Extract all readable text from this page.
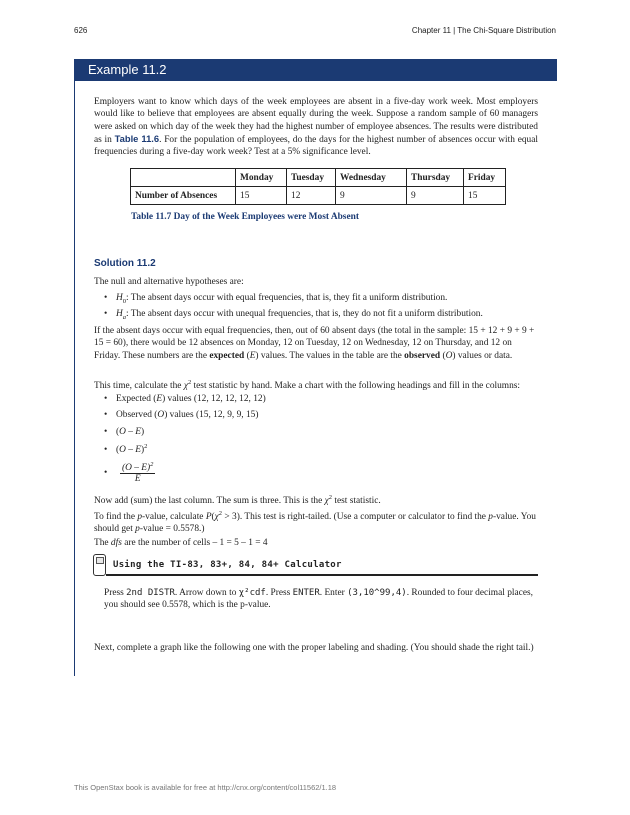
626	Chapter 11 | The Chi-Square Distribution
Example 11.2

Employers want to know which days of the week employees are absent in a five-day work week. Most employers would like to believe that employees are absent equally during the week. Suppose a random sample of 60 managers were asked on which day of the week they had the highest number of employee absences. The results were distributed as in Table 11.6. For the population of employees, do the days for the highest number of absences occur with equal frequencies during a five-day work week? Test at a 5% significance level.

	Monday	Tuesday	Wednesday	Thursday	Friday
Number of Absences	15	12	9	9	15
Table 11.7 Day of the Week Employees were Most Absent
Solution 11.2

The null and alternative hypotheses are:

• $H_0$: The absent days occur with equal frequencies, that is, they fit a uniform distribution.
• $H_a$: The absent days occur with unequal frequencies, that is, they do not fit a uniform distribution.

If the absent days occur with equal frequencies, then, out of 60 absent days (the total in the sample: 15 + 12 + 9 + 9 + 15 = 60), there would be 12 absences on Monday, 12 on Tuesday, 12 on Wednesday, 12 on Thursday, and 12 on Friday. These numbers are the expected (E) values. The values in the table are the observed (O) values or data.

This time, calculate the $\chi^2$ test statistic by hand. Make a chart with the following headings and fill in the columns:

• Expected (E) values (12, 12, 12, 12, 12)
• Observed (O) values (15, 12, 9, 9, 15)
• (O – E)
• (O – E)$^2$
• $\frac{(O - E)^2}{E}$

Now add (sum) the last column. The sum is three. This is the $\chi^2$ test statistic.

To find the p-value, calculate $P(\chi^2 > 3)$. This test is right-tailed. (Use a computer or calculator to find the p-value. You should get p-value = 0.5578.)

The dfs are the number of cells – 1 = 5 – 1 = 4

Using the TI-83, 83+, 84, 84+ Calculator

Press 2nd DISTR. Arrow down to χ²cdf. Press ENTER. Enter (3,10^99,4). Rounded to four decimal places, you should see 0.5578, which is the p-value.

Next, complete a graph like the following one with the proper labeling and shading. (You should shade the right tail.)

This OpenStax book is available for free at http://cnx.org/content/col11562/1.18
